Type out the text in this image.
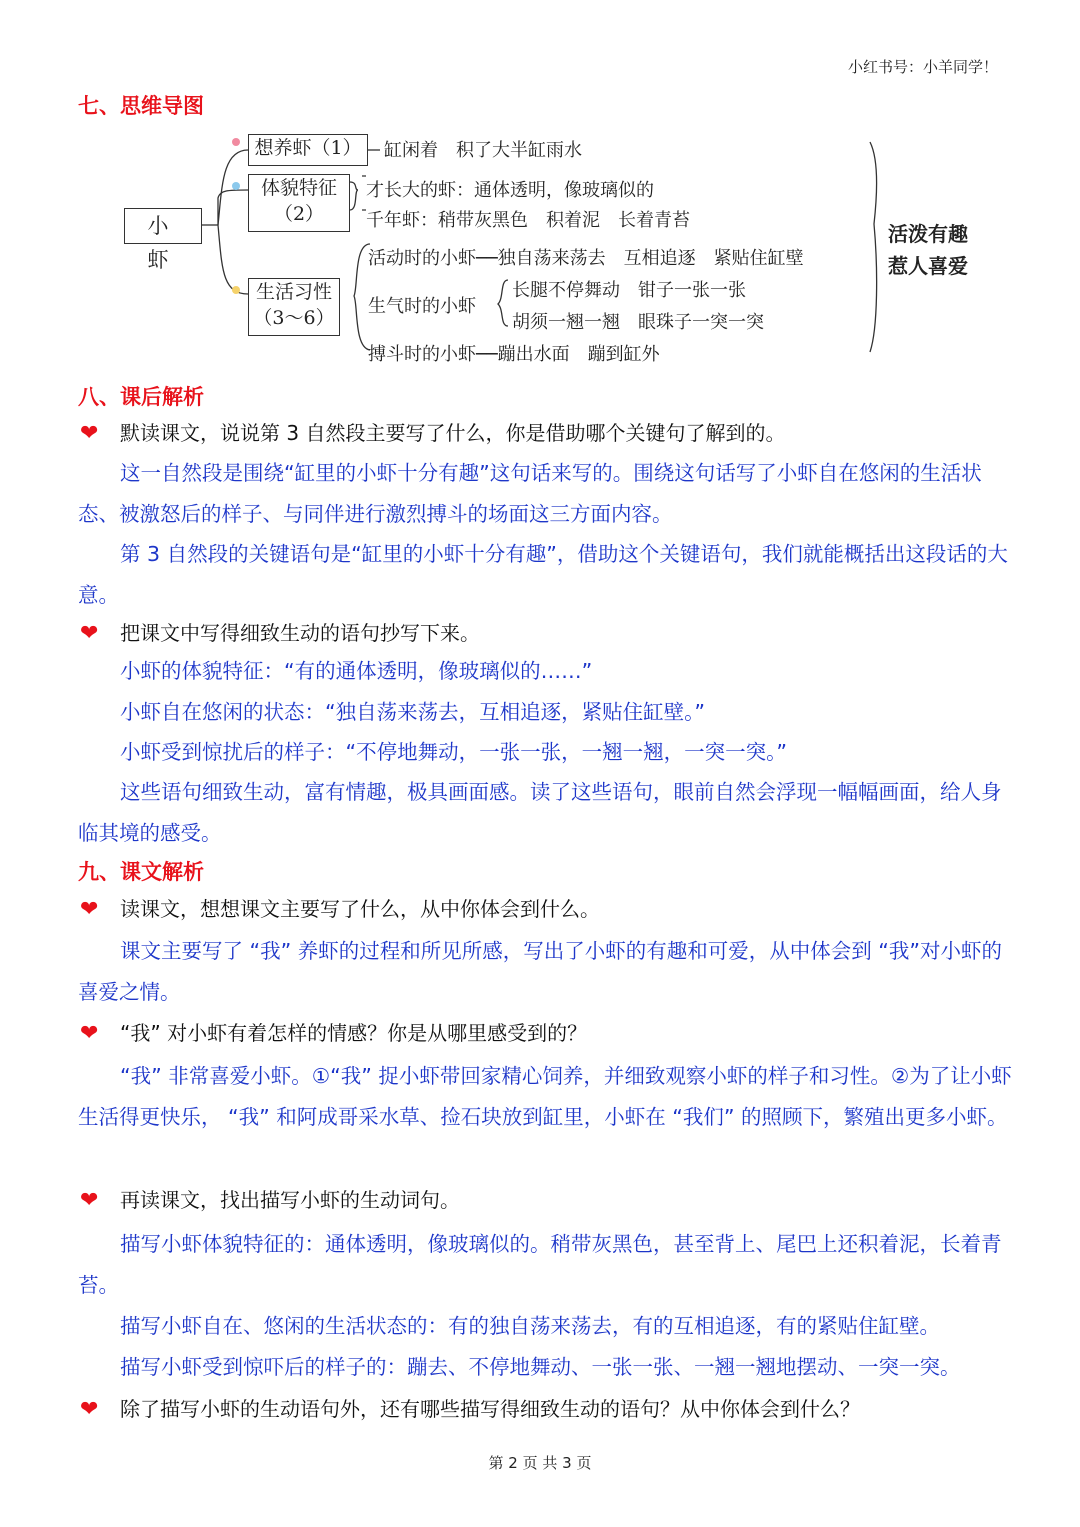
小红书号：小羊同学！
七、思维导图
小 虾
想养虾（1）	缸闲着　积了大半缸雨水
体貌特征
（2）
才长大的虾：通体透明，像玻璃似的
千年虾：稍带灰黑色　积着泥　长着青苔
生活习性
（3～6）
活动时的小虾──独自荡来荡去　互相追逐　紧贴住缸壁
生气时的小虾
长腿不停舞动　钳子一张一张
胡须一翘一翘　眼珠子一突一突
搏斗时的小虾──蹦出水面　蹦到缸外
活泼有趣
惹人喜爱
八、课后解析
❤ 默读课文，说说第 3 自然段主要写了什么，你是借助哪个关键句了解到的。
这一自然段是围绕“缸里的小虾十分有趣”这句话来写的。围绕这句话写了小虾自在悠闲的生活状态、被激怒后的样子、与同伴进行激烈搏斗的场面这三方面内容。
第 3 自然段的关键语句是“缸里的小虾十分有趣”，借助这个关键语句，我们就能概括出这段话的大意。
❤ 把课文中写得细致生动的语句抄写下来。
小虾的体貌特征：“有的通体透明，像玻璃似的……”
小虾自在悠闲的状态：“独自荡来荡去，互相追逐，紧贴住缸壁。”
小虾受到惊扰后的样子：“不停地舞动，一张一张，一翘一翘，一突一突。”
这些语句细致生动，富有情趣，极具画面感。读了这些语句，眼前自然会浮现一幅幅画面，给人身临其境的感受。
九、课文解析
❤ 读课文，想想课文主要写了什么，从中你体会到什么。
课文主要写了 “我” 养虾的过程和所见所感，写出了小虾的有趣和可爱，从中体会到 “我”对小虾的喜爱之情。
❤ “我” 对小虾有着怎样的情感？你是从哪里感受到的？
“我” 非常喜爱小虾。①“我” 捉小虾带回家精心饲养，并细致观察小虾的样子和习性。②为了让小虾生活得更快乐， “我” 和阿成哥采水草、捡石块放到缸里，小虾在 “我们” 的照顾下，繁殖出更多小虾。
❤ 再读课文，找出描写小虾的生动词句。
描写小虾体貌特征的：通体透明，像玻璃似的。稍带灰黑色，甚至背上、尾巴上还积着泥，长着青苔。
描写小虾自在、悠闲的生活状态的：有的独自荡来荡去，有的互相追逐，有的紧贴住缸壁。
描写小虾受到惊吓后的样子的：蹦去、不停地舞动、一张一张、一翘一翘地摆动、一突一突。
❤ 除了描写小虾的生动语句外，还有哪些描写得细致生动的语句？从中你体会到什么？
第 2 页 共 3 页
